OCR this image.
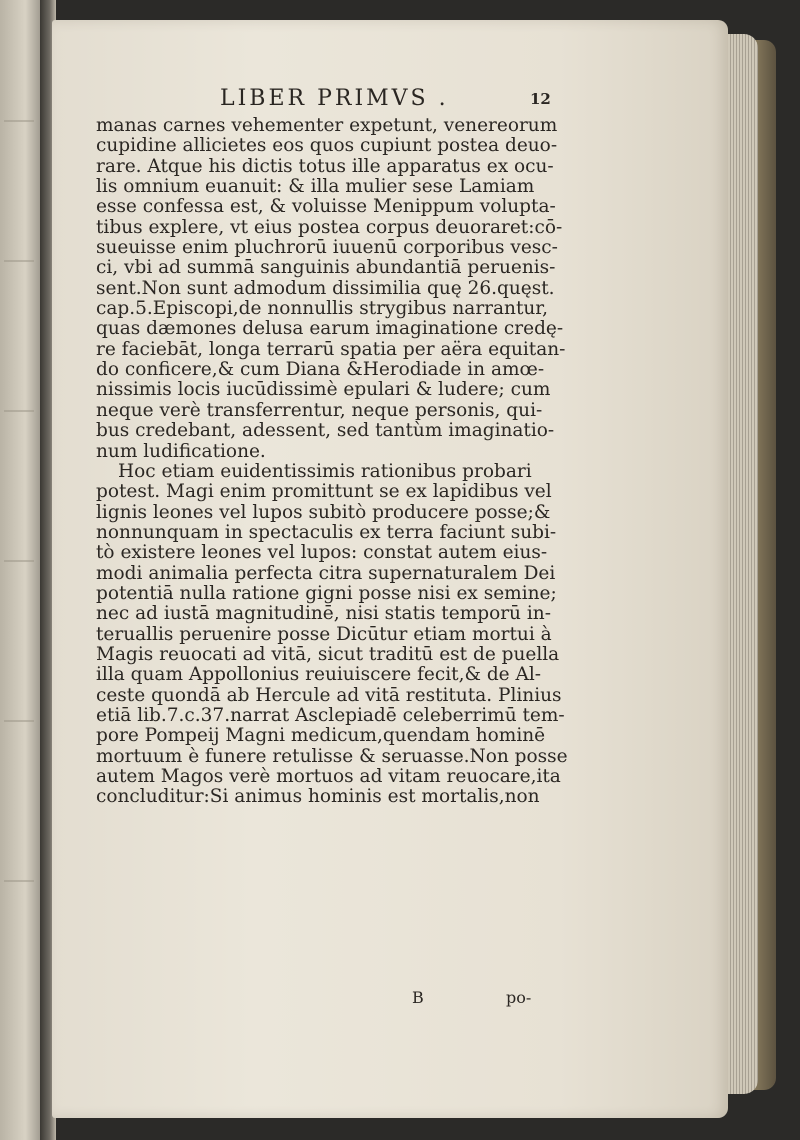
LIBER PRIMVS .	12
manas carnes vehementer expetunt, venereorum
cupidine allicietes eos quos cupiunt postea deuo-
rare. Atque his dictis totus ille apparatus ex ocu-
lis omnium euanuit: & illa mulier sese Lamiam
esse confessa est, & voluisse Menippum volupta-
tibus explere, vt eius postea corpus deuoraret:cō-
sueuisse enim pluchrorū iuuenū corporibus vesc-
ci, vbi ad summā sanguinis abundantiā peruenis-
sent.Non sunt admodum dissimilia quę 26.quęst.
cap.5.Episcopi,de nonnullis strygibus narrantur,
quas dæmones delusa earum imaginatione credę-
re faciebāt, longa terrarū spatia per aëra equitan-
do conficere,& cum Diana &Herodiade in amœ-
nissimis locis iucūdissimè epulari & ludere; cum
neque verè transferrentur, neque personis, qui-
bus credebant, adessent, sed tantùm imaginatio-
num ludificatione.
Hoc etiam euidentissimis rationibus probari
potest. Magi enim promittunt se ex lapidibus vel
lignis leones vel lupos subitò producere posse;&
nonnunquam in spectaculis ex terra faciunt subi-
tò existere leones vel lupos: constat autem eius-
modi animalia perfecta citra supernaturalem Dei
potentiā nulla ratione gigni posse nisi ex semine;
nec ad iustā magnitudinē, nisi statis temporū in-
teruallis peruenire posse Dicūtur etiam mortui à
Magis reuocati ad vitā, sicut traditū est de puella
illa quam Appollonius reuiuiscere fecit,& de Al-
ceste quondā ab Hercule ad vitā restituta. Plinius
etiā lib.7.c.37.narrat Asclepiadē celeberrimū tem-
pore Pompeij Magni medicum,quendam hominē
mortuum è funere retulisse & seruasse.Non posse
autem Magos verè mortuos ad vitam reuocare,ita
concluditur:Si animus hominis est mortalis,non
B	po-
